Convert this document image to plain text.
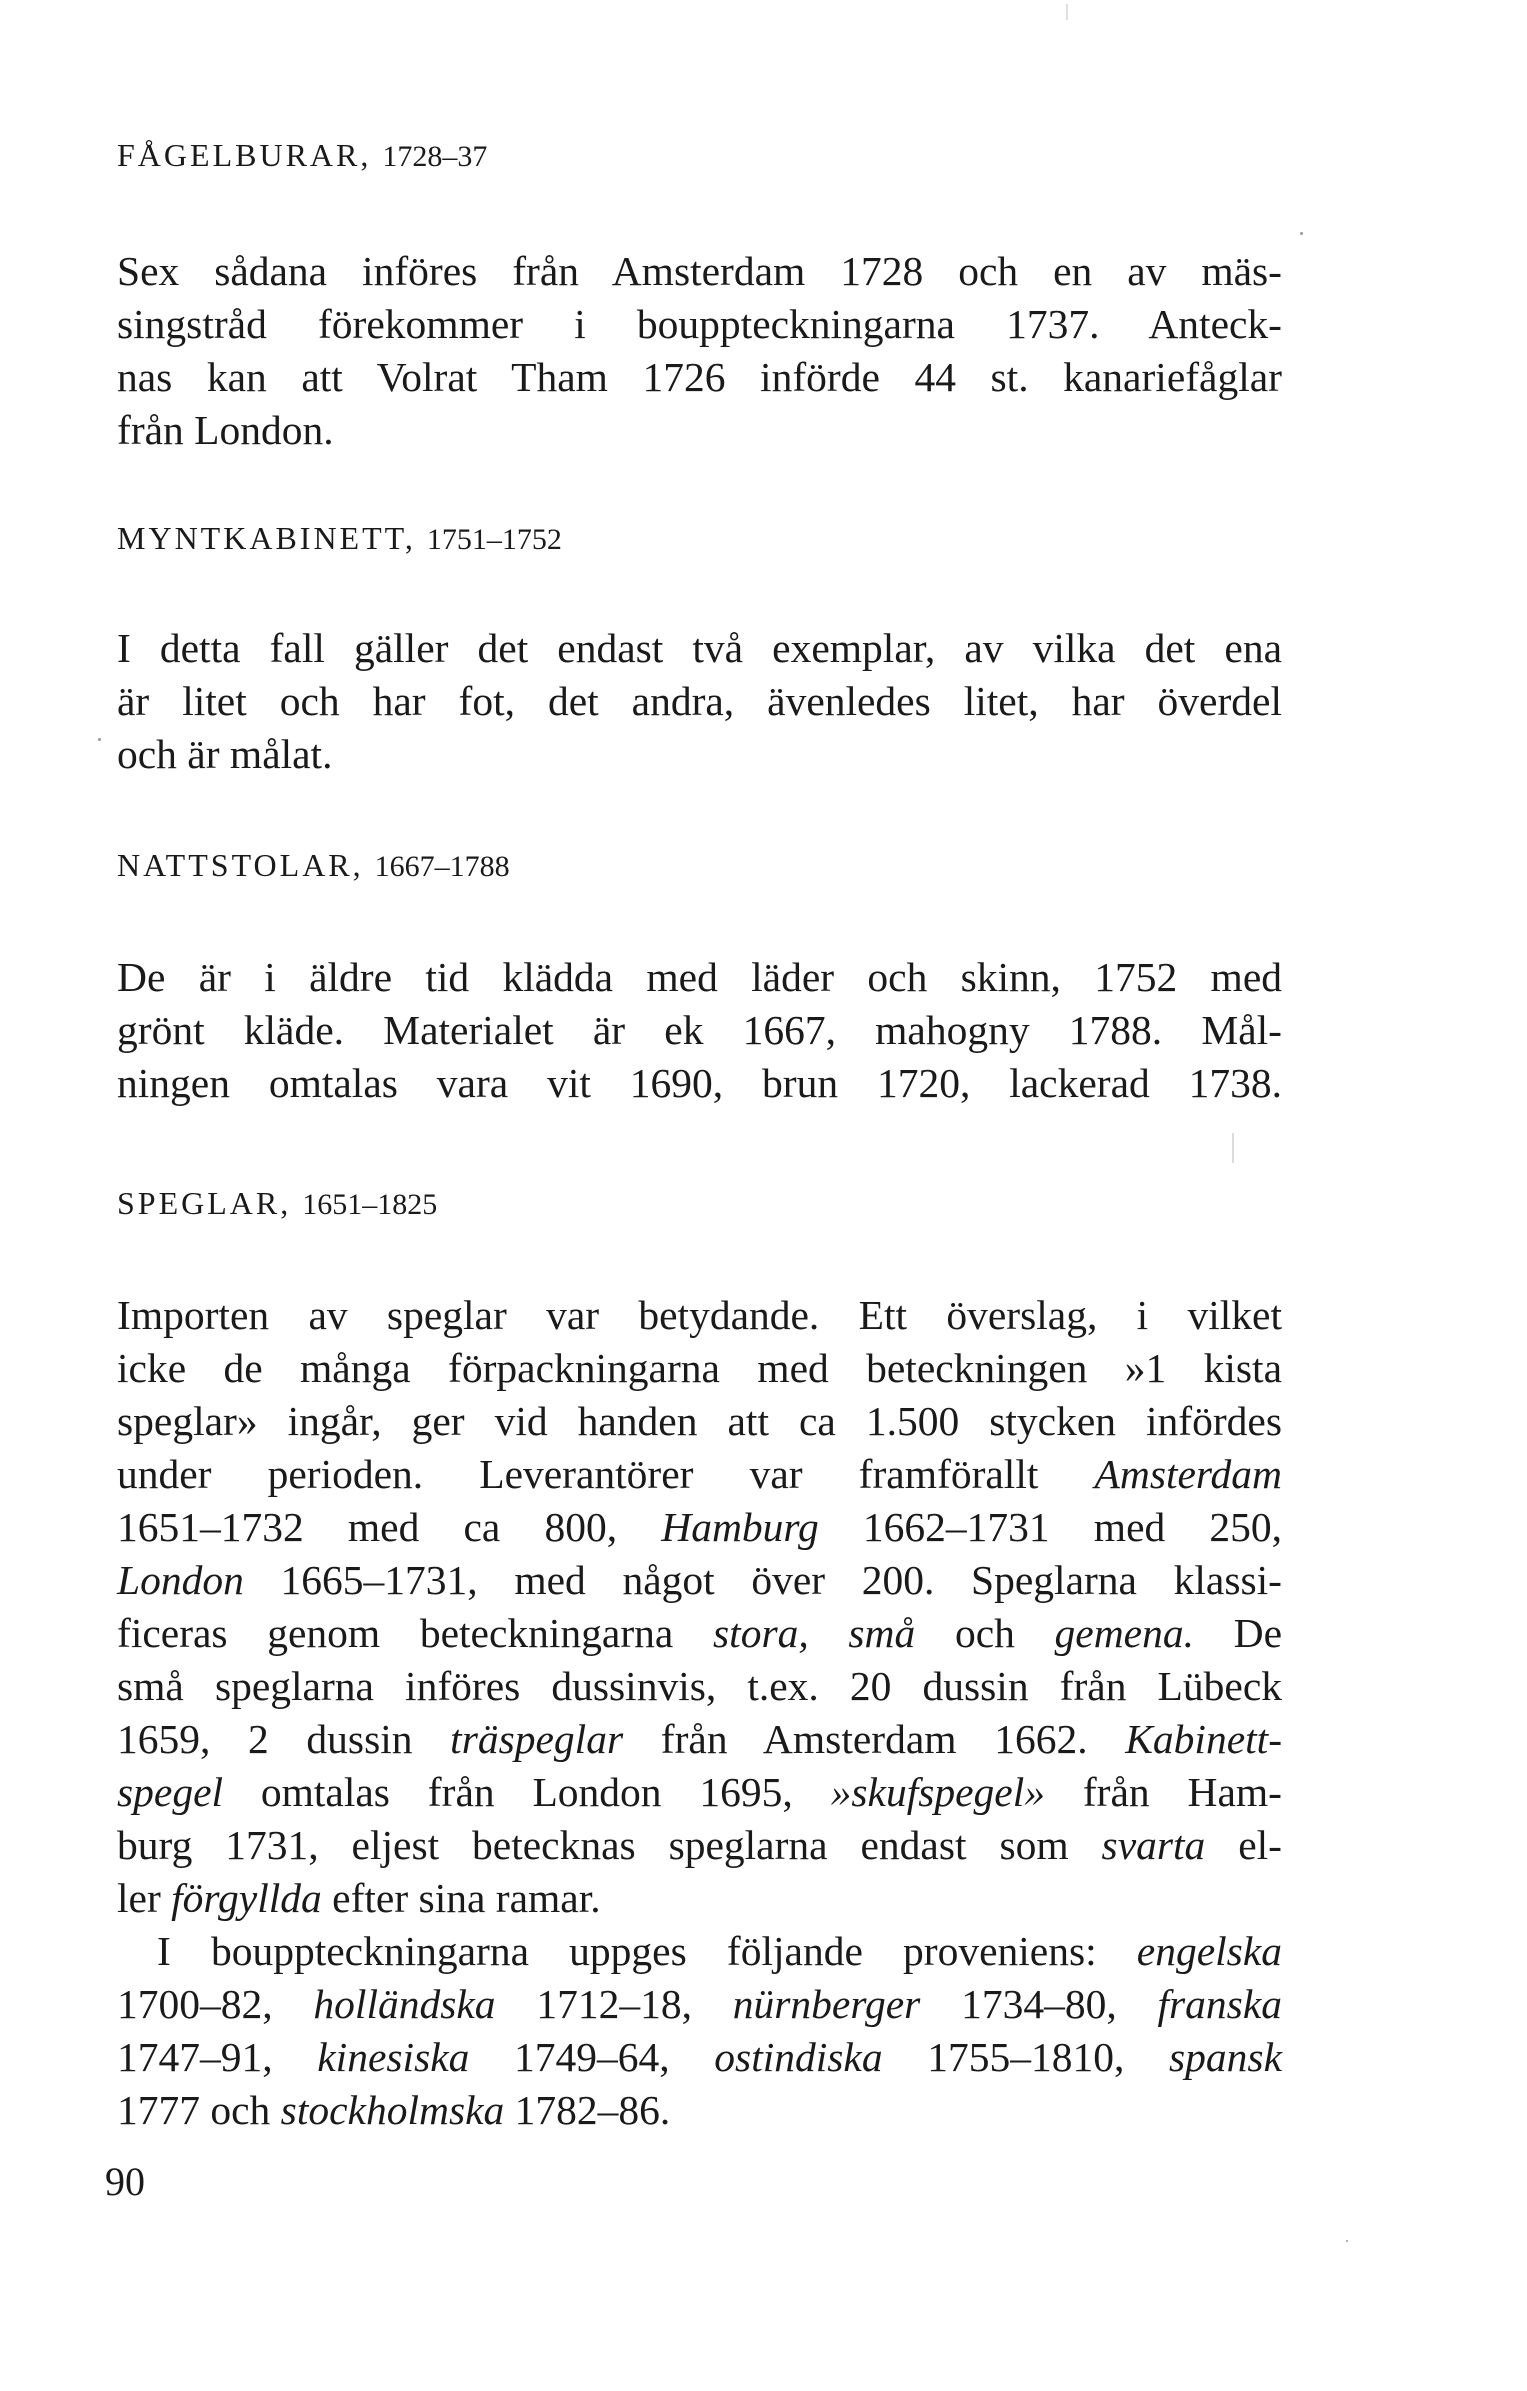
FÅGELBURAR, 1728–37

Sex sådana införes från Amsterdam 1728 och en av mäs-
singstråd förekommer i bouppteckningarna 1737. Anteck-
nas kan att Volrat Tham 1726 införde 44 st. kanariefåglar
från London.

MYNTKABINETT, 1751–1752

I detta fall gäller det endast två exemplar, av vilka det ena
är litet och har fot, det andra, ävenledes litet, har överdel
och är målat.

NATTSTOLAR, 1667–1788

De är i äldre tid klädda med läder och skinn, 1752 med
grönt kläde. Materialet är ek 1667, mahogny 1788. Mål-
ningen omtalas vara vit 1690, brun 1720, lackerad 1738.

SPEGLAR, 1651–1825

Importen av speglar var betydande. Ett överslag, i vilket
icke de många förpackningarna med beteckningen »1 kista
speglar» ingår, ger vid handen att ca 1.500 stycken infördes
under perioden. Leverantörer var framförallt Amsterdam
1651–1732 med ca 800, Hamburg 1662–1731 med 250,
London 1665–1731, med något över 200. Speglarna klassi-
ficeras genom beteckningarna stora, små och gemena. De
små speglarna införes dussinvis, t.ex. 20 dussin från Lübeck
1659, 2 dussin träspeglar från Amsterdam 1662. Kabinett-
spegel omtalas från London 1695, »skufspegel» från Ham-
burg 1731, eljest betecknas speglarna endast som svarta el-
ler förgyllda efter sina ramar.
I bouppteckningarna uppges följande proveniens: engelska
1700–82, holländska 1712–18, nürnberger 1734–80, franska
1747–91, kinesiska 1749–64, ostindiska 1755–1810, spansk
1777 och stockholmska 1782–86.
90
